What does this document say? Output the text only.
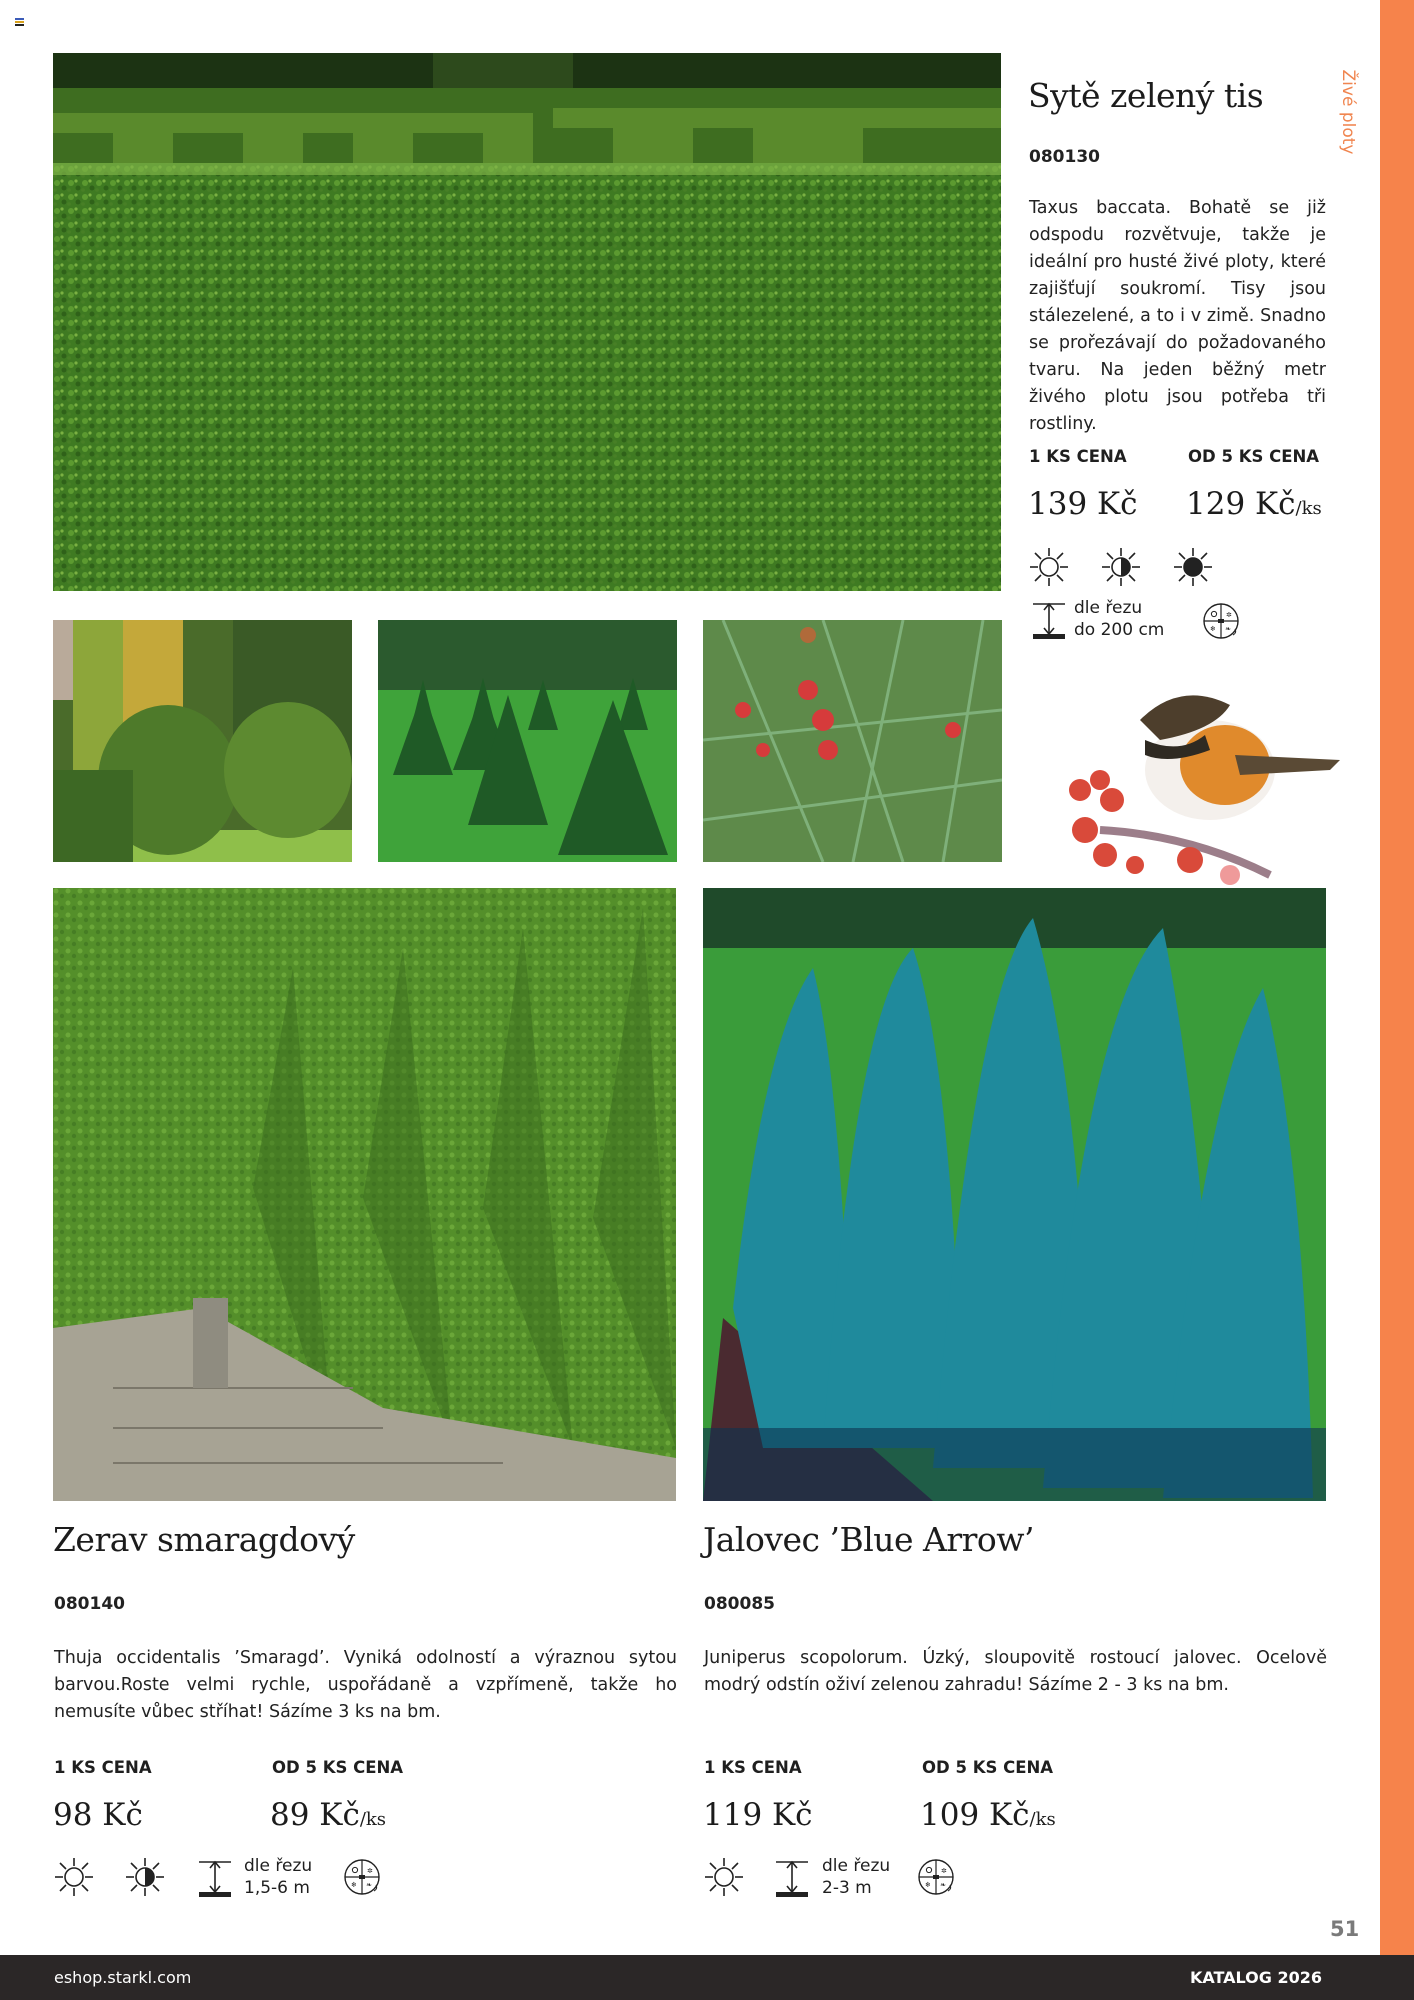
Živé ploty
Sytě zelený tis
080130
Taxus baccata. Bohatě se již odspodu rozvětvuje, takže je ideální pro husté živé ploty, které zajišťují soukromí. Tisy jsou stálezelené, a to i v zimě. Snadno se prořezávají do požadovaného tvaru. Na jeden běžný metr živého plotu jsou potřeba tři rostliny.
1 KS CENA	OD 5 KS CENA
139 Kč 129 Kč/ks
dle řezu
do 200 cm
Zerav smaragdový
080140
Thuja occidentalis ’Smaragd’. Vyniká odolností a výraznou sytou barvou.Roste velmi rychle, uspořádaně a vzpřímeně, takže ho nemusíte vůbec stříhat! Sázíme 3 ks na bm.
1 KS CENA	OD 5 KS CENA
98 Kč	89 Kč/ks
dle řezu
1,5-6 m
Jalovec ’Blue Arrow’
080085
Juniperus scopolorum. Úzký, sloupovitě rostoucí jalovec. Ocelově modrý odstín oživí zelenou zahradu! Sázíme 2 - 3 ks na bm.
1 KS CENA	OD 5 KS CENA
119 Kč	109 Kč/ks
dle řezu
2-3 m
51
eshop.starkl.com	KATALOG 2026
